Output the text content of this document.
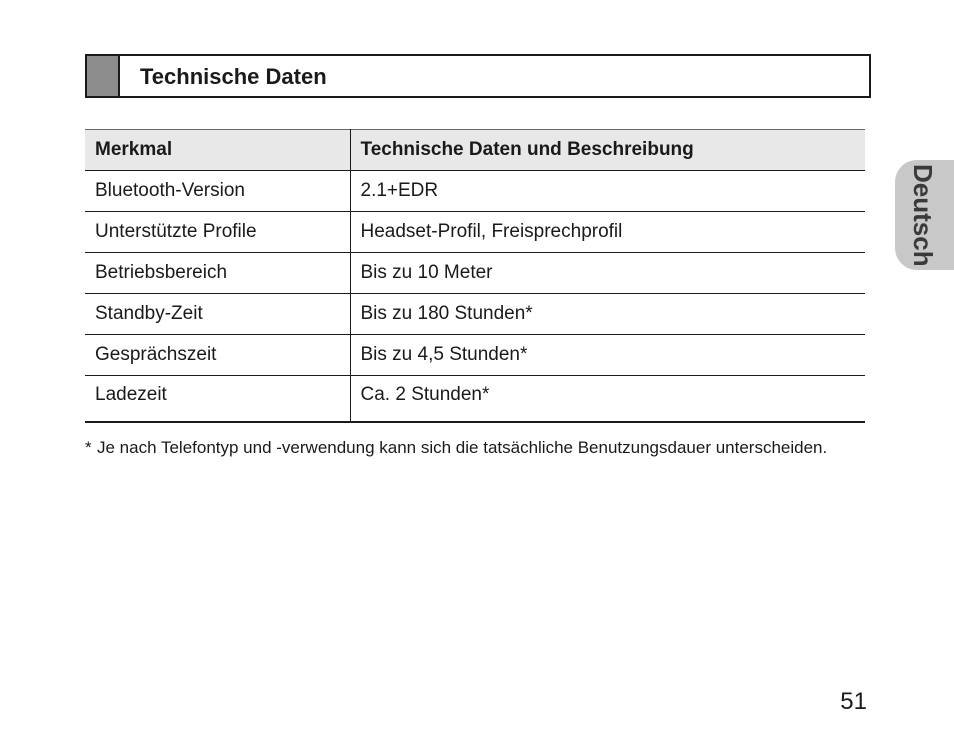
Technische Daten
Merkmal	Technische Daten und Beschreibung
Bluetooth-Version	2.1+EDR
Unterstützte Profile	Headset-Profil, Freisprechprofil
Betriebsbereich	Bis zu 10 Meter
Standby-Zeit	Bis zu 180 Stunden*
Gesprächszeit	Bis zu 4,5 Stunden*
Ladezeit	Ca. 2 Stunden*
* Je nach Telefontyp und -verwendung kann sich die tatsächliche Benutzungsdauer unterscheiden.
Deutsch
51
